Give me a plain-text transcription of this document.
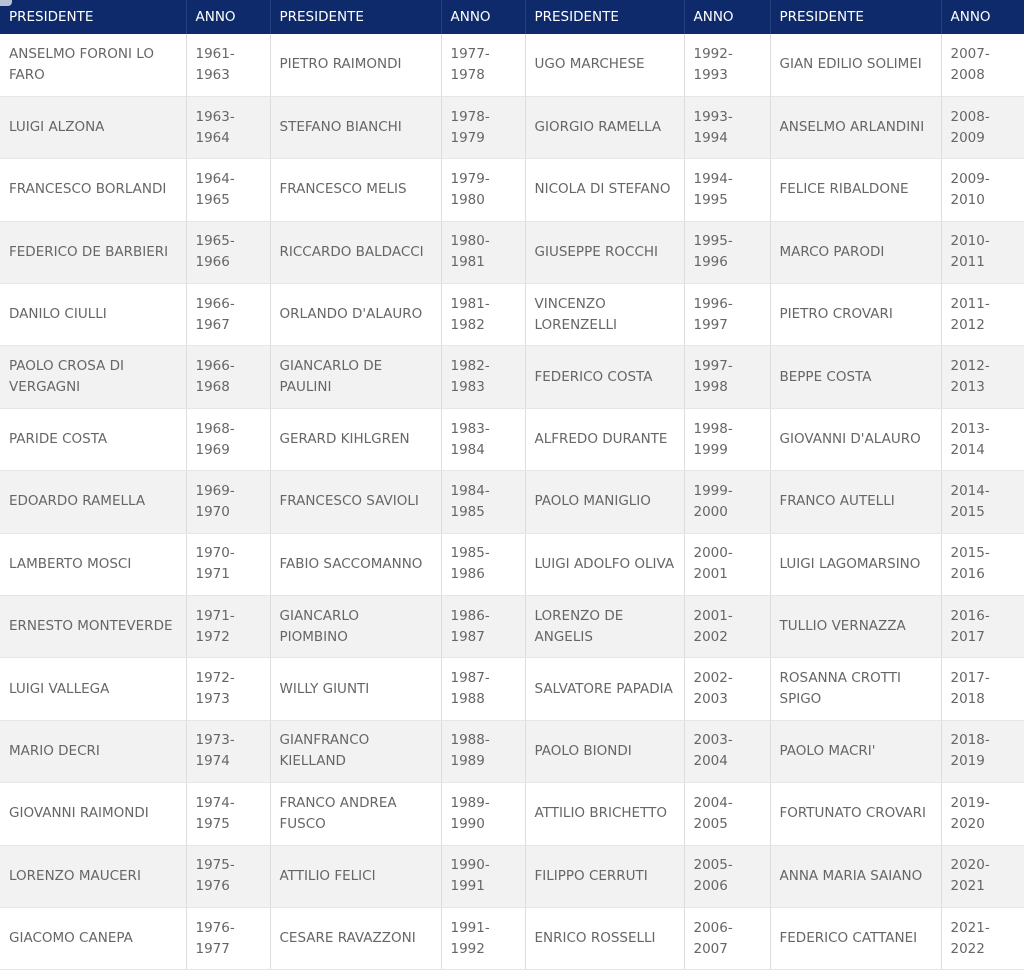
PRESIDENTE	ANNO	PRESIDENTE	ANNO	PRESIDENTE	ANNO	PRESIDENTE	ANNO
ANSELMO FORONI LO FARO	1961-1963	PIETRO RAIMONDI	1977-1978	UGO MARCHESE	1992-1993	GIAN EDILIO SOLIMEI	2007-2008
LUIGI ALZONA	1963-1964	STEFANO BIANCHI	1978-1979	GIORGIO RAMELLA	1993-1994	ANSELMO ARLANDINI	2008-2009
FRANCESCO BORLANDI	1964-1965	FRANCESCO MELIS	1979-1980	NICOLA DI STEFANO	1994-1995	FELICE RIBALDONE	2009-2010
FEDERICO DE BARBIERI	1965-1966	RICCARDO BALDACCI	1980-1981	GIUSEPPE ROCCHI	1995-1996	MARCO PARODI	2010-2011
DANILO CIULLI	1966-1967	ORLANDO D'ALAURO	1981-1982	VINCENZO LORENZELLI	1996-1997	PIETRO CROVARI	2011-2012
PAOLO CROSA DI VERGAGNI	1966-1968	GIANCARLO DE PAULINI	1982-1983	FEDERICO COSTA	1997-1998	BEPPE COSTA	2012-2013
PARIDE COSTA	1968-1969	GERARD KIHLGREN	1983-1984	ALFREDO DURANTE	1998-1999	GIOVANNI D'ALAURO	2013-2014
EDOARDO RAMELLA	1969-1970	FRANCESCO SAVIOLI	1984-1985	PAOLO MANIGLIO	1999-2000	FRANCO AUTELLI	2014-2015
LAMBERTO MOSCI	1970-1971	FABIO SACCOMANNO	1985-1986	LUIGI ADOLFO OLIVA	2000-2001	LUIGI LAGOMARSINO	2015-2016
ERNESTO MONTEVERDE	1971-1972	GIANCARLO PIOMBINO	1986-1987	LORENZO DE ANGELIS	2001-2002	TULLIO VERNAZZA	2016-2017
LUIGI VALLEGA	1972-1973	WILLY GIUNTI	1987-1988	SALVATORE PAPADIA	2002-2003	ROSANNA CROTTI SPIGO	2017-2018
MARIO DECRI	1973-1974	GIANFRANCO KIELLAND	1988-1989	PAOLO BIONDI	2003-2004	PAOLO MACRI'	2018-2019
GIOVANNI RAIMONDI	1974-1975	FRANCO ANDREA FUSCO	1989-1990	ATTILIO BRICHETTO	2004-2005	FORTUNATO CROVARI	2019-2020
LORENZO MAUCERI	1975-1976	ATTILIO FELICI	1990-1991	FILIPPO CERRUTI	2005-2006	ANNA MARIA SAIANO	2020-2021
GIACOMO CANEPA	1976-1977	CESARE RAVAZZONI	1991-1992	ENRICO ROSSELLI	2006-2007	FEDERICO CATTANEI	2021-2022
